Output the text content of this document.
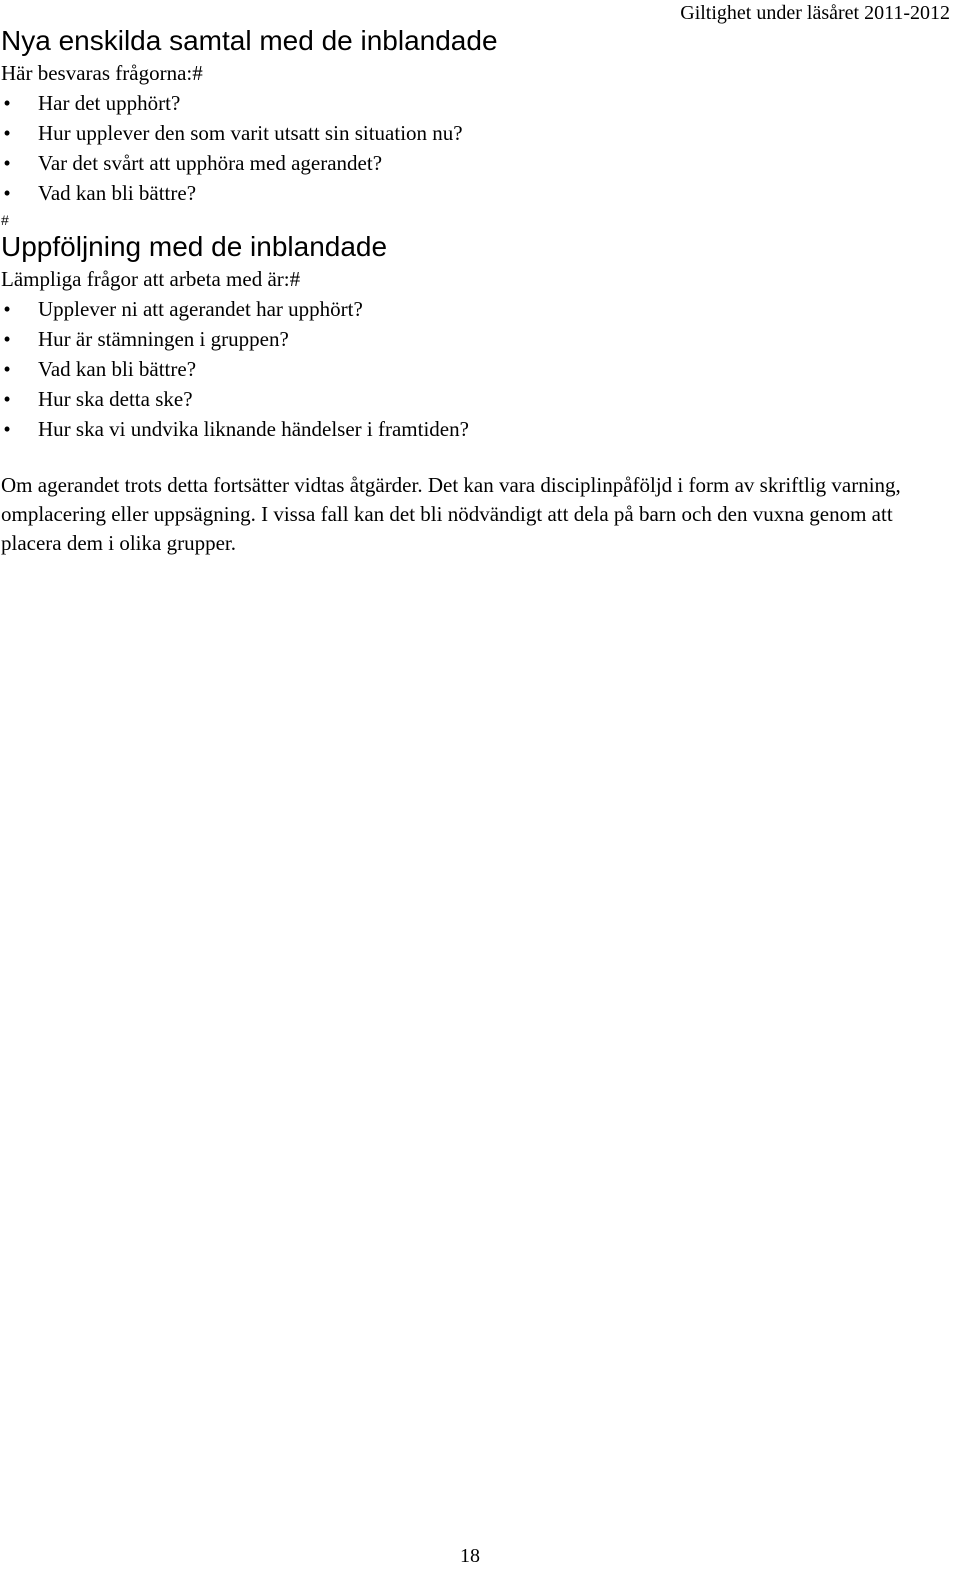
Giltighet under läsåret 2011-2012
Nya enskilda samtal med de inblandade
Här besvaras frågorna:#
• Har det upphört?
• Hur upplever den som varit utsatt sin situation nu?
• Var det svårt att upphöra med agerandet?
• Vad kan bli bättre?
#
Uppföljning med de inblandade
Lämpliga frågor att arbeta med är:#
• Upplever ni att agerandet har upphört?
• Hur är stämningen i gruppen?
• Vad kan bli bättre?
• Hur ska detta ske?
• Hur ska vi undvika liknande händelser i framtiden?

Om agerandet trots detta fortsätter vidtas åtgärder. Det kan vara disciplinpåföljd i form av skriftlig varning, omplacering eller uppsägning. I vissa fall kan det bli nödvändigt att dela på barn och den vuxna genom att placera dem i olika grupper.

18
